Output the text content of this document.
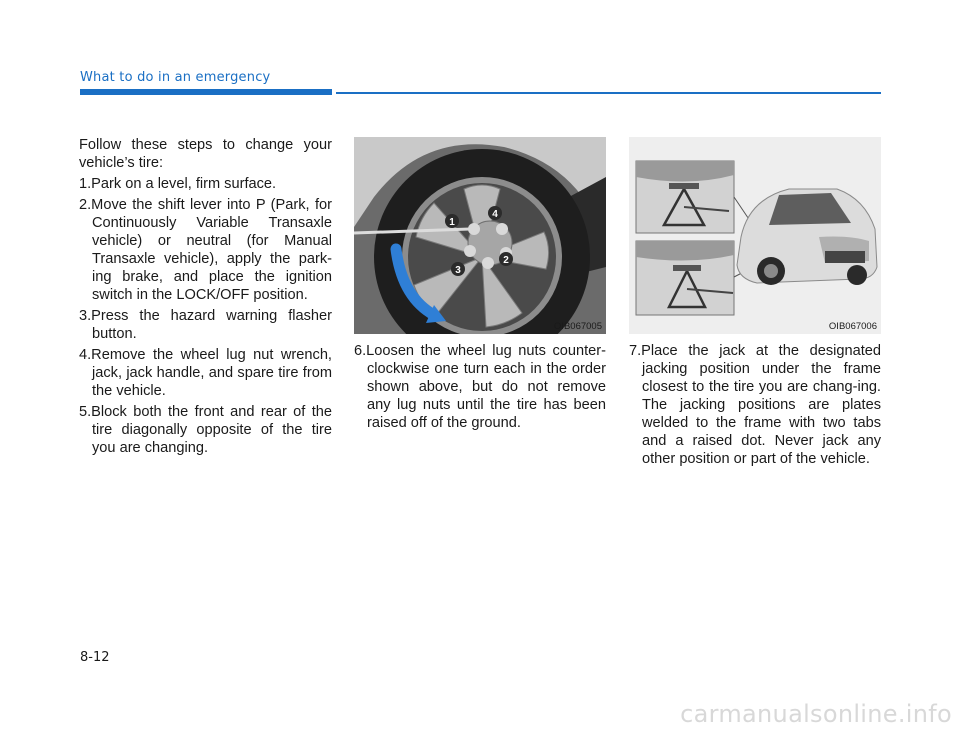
What to do in an emergency
Follow these steps to change your vehicle’s tire:
1.Park on a level, firm surface.
2.Move the shift lever into P (Park, for Continuously Variable Transaxle vehicle) or neutral (for Manual Transaxle vehicle), apply the park-ing brake, and place the ignition switch in the LOCK/OFF position.
3.Press the hazard warning flasher button.
4.Remove the wheel lug nut wrench, jack, jack handle, and spare tire from the vehicle.
5.Block both the front and rear of the tire diagonally opposite of the tire you are changing.
1
4
2
3
OIB067005	OIB067006
6.Loosen the wheel lug nuts counter-clockwise one turn each in the order shown above, but do not remove any lug nuts until the tire has been raised off of the ground.
7.Place the jack at the designated jacking position under the frame closest to the tire you are chang-ing. The jacking positions are plates welded to the frame with two tabs and a raised dot. Never jack any other position or part of the vehicle.
8-12
carmanualsonline.info
